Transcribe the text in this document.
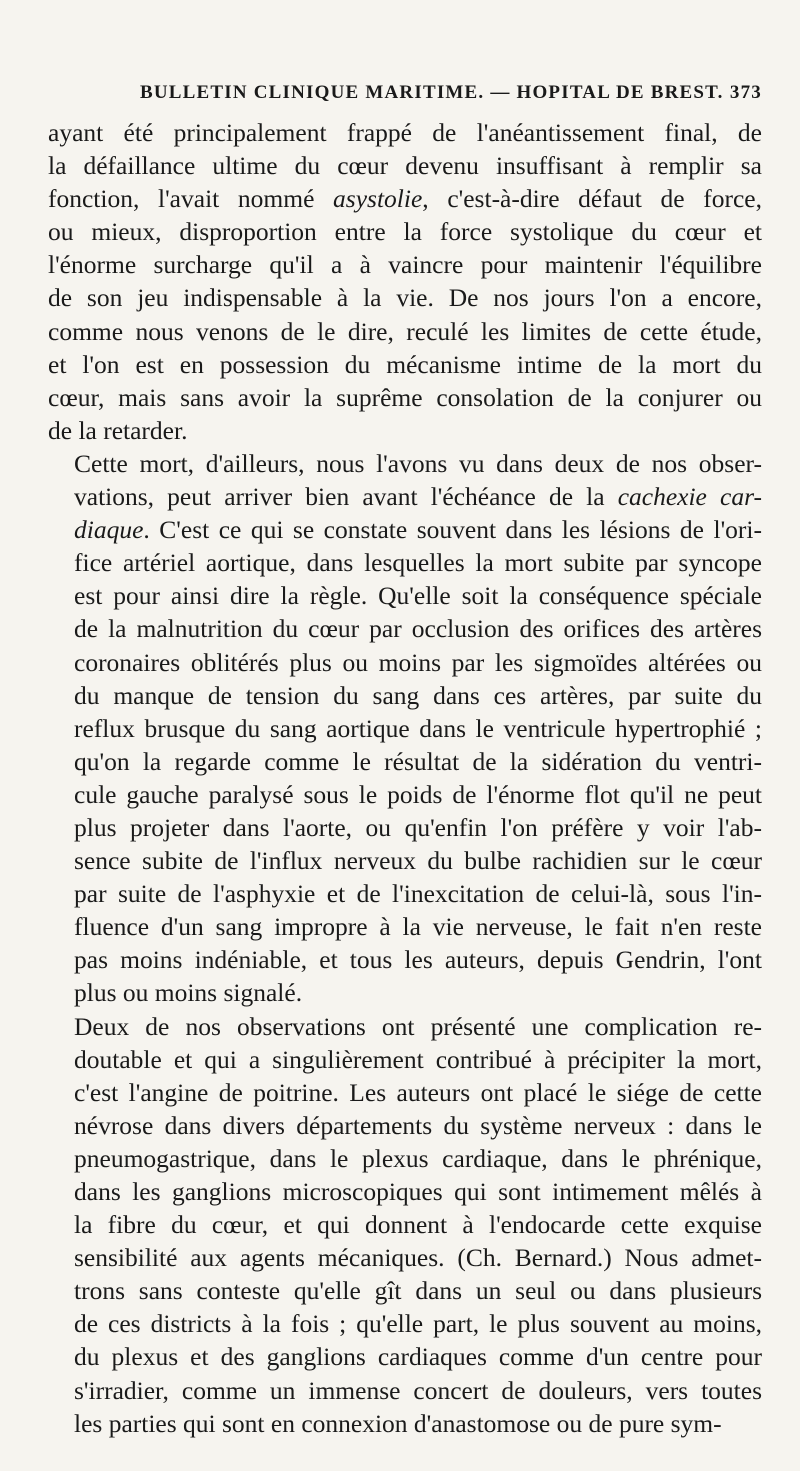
BULLETIN CLINIQUE MARITIME. — HOPITAL DE BREST. 373

ayant été principalement frappé de l'anéantissement final, de
la défaillance ultime du cœur devenu insuffisant à remplir sa
fonction, l'avait nommé asystolie, c'est-à-dire défaut de force,
ou mieux, disproportion entre la force systolique du cœur et
l'énorme surcharge qu'il a à vaincre pour maintenir l'équilibre
de son jeu indispensable à la vie. De nos jours l'on a encore,
comme nous venons de le dire, reculé les limites de cette étude,
et l'on est en possession du mécanisme intime de la mort du
cœur, mais sans avoir la suprême consolation de la conjurer ou
de la retarder.

Cette mort, d'ailleurs, nous l'avons vu dans deux de nos obser-
vations, peut arriver bien avant l'échéance de la cachexie car-
diaque. C'est ce qui se constate souvent dans les lésions de l'ori-
fice artériel aortique, dans lesquelles la mort subite par syncope
est pour ainsi dire la règle. Qu'elle soit la conséquence spéciale
de la malnutrition du cœur par occlusion des orifices des artères
coronaires oblitérés plus ou moins par les sigmoïdes altérées ou
du manque de tension du sang dans ces artères, par suite du
reflux brusque du sang aortique dans le ventricule hypertrophié ;
qu'on la regarde comme le résultat de la sidération du ventri-
cule gauche paralysé sous le poids de l'énorme flot qu'il ne peut
plus projeter dans l'aorte, ou qu'enfin l'on préfère y voir l'ab-
sence subite de l'influx nerveux du bulbe rachidien sur le cœur
par suite de l'asphyxie et de l'inexcitation de celui-là, sous l'in-
fluence d'un sang impropre à la vie nerveuse, le fait n'en reste
pas moins indéniable, et tous les auteurs, depuis Gendrin, l'ont
plus ou moins signalé.

Deux de nos observations ont présenté une complication re-
doutable et qui a singulièrement contribué à précipiter la mort,
c'est l'angine de poitrine. Les auteurs ont placé le siége de cette
névrose dans divers départements du système nerveux : dans le
pneumogastrique, dans le plexus cardiaque, dans le phrénique,
dans les ganglions microscopiques qui sont intimement mêlés à
la fibre du cœur, et qui donnent à l'endocarde cette exquise
sensibilité aux agents mécaniques. (Ch. Bernard.) Nous admet-
trons sans conteste qu'elle gît dans un seul ou dans plusieurs
de ces districts à la fois ; qu'elle part, le plus souvent au moins,
du plexus et des ganglions cardiaques comme d'un centre pour
s'irradier, comme un immense concert de douleurs, vers toutes
les parties qui sont en connexion d'anastomose ou de pure sym-
